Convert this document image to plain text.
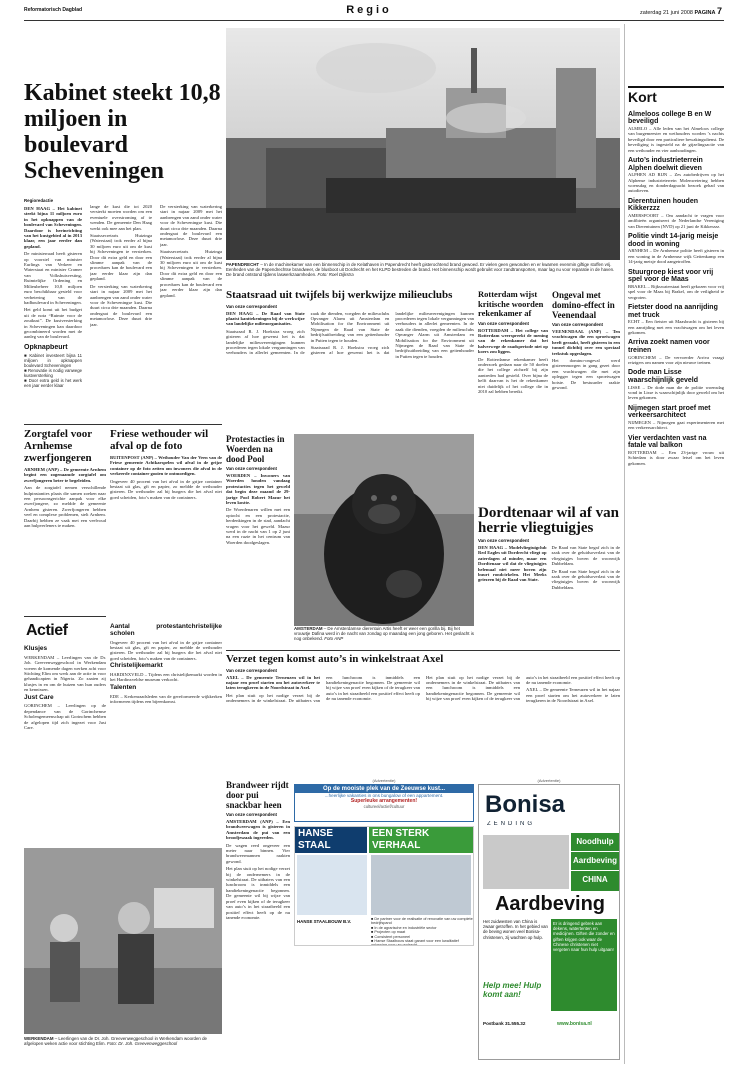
Reformatorisch Dagblad	Regio	zaterdag 21 juni 2008 PAGINA 7
Kabinet steekt 10,8 miljoen in boulevard Scheveningen
Regioredactie

DEN HAAG – Het kabinet steekt bijna 11 miljoen euro in het opknappen van de boulevard van Scheveningen. Daardoor is herinrichting van het kustgebied al in 2013 klaar, een jaar eerder dan gepland.

De ministerraad heeft gisteren op voorstel van minister Eurlings van Verkeer en Waterstaat en minister Cramer van Volkshuisvesting, Ruimtelijke Ordening en Milieubeheer 10,8 miljoen euro beschikbaar gesteld voor verbetering van de badboulevard in Scheveningen.

Het geld komt uit het budget uit de nota “Ruimte voor de zoutkust”. De kustversterking in Scheveningen kan daardoor gecombineerd worden met de aanleg van de boulevard.

Opknapbeurt
■ Kabinet investeert bijna 11 miljoen in opknappen boulevard Scheveningen
■ Renovatie is nodig vanwege kustversterking
■ Door extra geld is het werk een jaar eerder klaar

lange de kust die tot 2020 versterkt moeten worden om een eventuele overstroming af te wenden. De gemeente Den Haag werkt ook mee aan het plan.

Staatssecretaris Huizinga (Waterstaat) trok eerder al bijna 30 miljoen euro uit om de kust bij Scheveningen te versterken. Door dit extra geld en door een slimme aanpak van de procedures kan de boulevard een jaar eerder klaar zijn dan gepland.

De versterking van waterkering start in najaar 2009 met het aanbrengen van zand onder water voor de Scheveningse kust. Die duurt circa drie maanden. Daarna ondergaat de boulevard een metamorfose. Deze duurt drie jaar.

De versterking van waterkering start in najaar 2009 met het aanbrengen van zand onder water voor de Scheveningse kust. Die duurt circa drie maanden. Daarna ondergaat de boulevard een metamorfose. Deze duurt drie jaar.

Staatssecretaris Huizinga (Waterstaat) trok eerder al bijna 30 miljoen euro uit om de kust bij Scheveningen te versterken. Door dit extra geld en door een slimme aanpak van de procedures kan de boulevard een jaar eerder klaar zijn dan gepland.

PAPENDRECHT – In de machinekamer van een binnenschip in de Kelathaven in Papendrecht heeft gisterochtend brand gewoed. Er vielen geen gewonden en er kwamen evenmin giftige stoffen vrij. Eenheden van de Papendrechtse brandweer, de blusboot uit Dordrecht en het KLPD bestreden de brand. Het binnenschip wordt gebruikt voor zandtransporten, maar lag nu voor reparatie in de haven. De brand ontstond tijdens laswerkzaamheden. Foto: Roel Dijkstra
Kort
Almeloos college B en W beveiligd
ALMELO – Alle leden van het Almeloos college van burgemeester en wethouders worden ’s nachts beveiligd door een particuliere bewakingsdienst. De beveiliging is ingesteld na de gijzelingsactie van een wethouder en vier aanhoudingen.
Auto’s industrieterrein Alphen doelwit dieven
ALPHEN AD RIJN – Zes autobedrijven op het Alphense industrieterrein Molenwetering hebben woensdag en donderdagnacht bezoek gehad van autodieven.
Dierentuinen houden Kikkerzzz
AMERSFOORT – Om aandacht te vragen voor amfibieën organiseert de Nederlandse Vereniging van Dierentuinen (NVD) op 21 juni de Kikkerzzz.
Politie vindt 14-jarig meisje dood in woning
ARNHEM – De Arnhemse politie heeft gisteren in een woning in de Arnhemse wijk Geitenkamp een 14-jarig meisje dood aangetroffen.
Stuurgroep kiest voor vrij spel voor de Maas
BRAKEL – Rijkswaterstaat heeft gekozen voor vrij spel voor de Maas bij Brakel, om de veiligheid te vergroten.
Fietster dood na aanrijding met truck
ECHT – Een fietster uit Maasbracht is gisteren bij een aanrijding met een vrachtwagen om het leven gekomen.
Arriva zoekt namen voor treinen
GORINCHEM – De vervoerder Arriva vraagt reizigers om namen voor zijn nieuwe treinen.
Dode man Lisse waarschijnlijk geveld
LISSE – De dode man die de politie woensdag vond in Lisse is waarschijnlijk door geweld om het leven gekomen.
Nijmegen start proef met verkeersarchitect
NIJMEGEN – Nijmegen gaat experimenteren met een verkeersarchitect.
Vier verdachten vast na fatale val balkon
ROTTERDAM – Een 23-jarige vrouw uit Schiedam is door zwaar letsel om het leven gekomen.
Zorgtafel voor Arnhemse zwerfjongeren

ARNHEM (ANP) – De gemeente Arnhem begint een zogenaamde zorgtafel om zwerfjongeren beter te begeleiden.

Aan de zorgtafel nemen verschillende hulpinstanties plaats die samen zoeken naar een persoonsgerichte aanpak voor elke zwerfjongere, zo meldde de gemeente Arnhem gisteren. Zwerfjongeren hebben veel en complexe problemen, stelt Arnhem. Daarbij hebben ze vaak met een veelvoud aan hulpverleners te maken.

Friese wethouder wil afval op de foto

BUITENPOST (ANP) – Wethouder Van der Veen van de Friese gemeente Achtkarspelen wil afval in de grijze container op de foto zetten om inwoners die afval in de verkeerde container gooien te ontmoedigen.

Ongeveer 40 procent van het afval in de grijze container bestaat uit glas, gft en papier, zo meldde de wethouder gisteren. De wethouder zal bij burgers die het afval niet goed scheiden, foto’s maken van de containers.

Actief
Klusjes

WERKENDAM – Leerlingen van de Dr. Joh. Greevenweggeschool in Werkendam voeren de komende dagen werken acht voor Stichting Elim om werk aan de actie in voor gehandicapten in Nigeria. Zo zaaien zij klusjes in en om de huizen van hun ouders en kennissen.

Just Care

GORINCHEM – Leerlingen op de dependance van de Gorinchemse Scholengemeenschap uit Gorinchem hebben de afgelopen tijd zich ingezet voor Just Care.

Aantal protestantchristelijke scholen

Ongeveer 40 procent van het afval in de grijze container bestaat uit glas, gft en papier, zo meldde de wethouder gisteren. De wethouder zal bij burgers die het afval niet goed scheiden, foto’s maken van de containers.

Christelijkemarkt

HARDINXVELD – Tijdens een christelijkemarkt worden in het Hardinxveldse museum verkocht.

Talenten

EDE – Kerkenraadsleden van de gereformeerde wijkkerken informeren tijdens een bijeenkomst.

WERKENDAM – Leerlingen van de Dr. Joh. Greevenweggeschool in Werkendam woorden de afgelopen weken actie voor stichting Elim. Foto: Dr. Joh. Greevenweggeschool
Staatsraad uit twijfels bij werkwijze milieuclubs
Van onze correspondent

DEN HAAG – De Raad van State plaatst kanttekeningen bij de werkwijze van landelijke milieuorganisaties.

Staatsraad R. J. Hoekstra vroeg zich gisteren af hoe gewenst het is dat landelijke milieuverenigingen kunnen procederen tegen lokale vergunningen van veehouders in allerlei gemeenten. In de zaak die dienden, voegden de milieuclubs Opvanger Alarm uit Amsterdam en Mobilisation for the Environment uit Nijmegen de Raad van State de bedrijfsuitbreiding van een geitenhouder in Putten tegen te houden.

Staatsraad R. J. Hoekstra vroeg zich gisteren af hoe gewenst het is dat landelijke milieuverenigingen kunnen procederen tegen lokale vergunningen van veehouders in allerlei gemeenten. In de zaak die dienden, voegden de milieuclubs Opvanger Alarm uit Amsterdam en Mobilisation for the Environment uit Nijmegen de Raad van State de bedrijfsuitbreiding van een geitenhouder in Putten tegen te houden.

Rotterdam wijst kritische woorden rekenkamer af
Van onze correspondent

ROTTERDAM – Het college van Rotterdam weerspreekt de mening van de rekenkamer dat het halverwege de raadsperiode niet op koers zou liggen.

De Rotterdamse rekenkamer heeft onderzoek gedaan naar de 50 doelen die het college zichzelf bij zijn aantreden had gesteld. Over bijna de helft daarvan is het de rekenkamer niet duidelijk of het college die in 2010 zal hebben bereikt.

Ongeval met domino-effect in Veenendaal
Van onze correspondent

VEENENDAAL (ANP) – Ten vrachtwagen die een sproeiwagen heeft geraakt, heeft gisteren in een tunnel dichtbij over een speciaal trekstuk opgeslagen.

Het domino-ongeval werd gisterenmorgen in gang gezet door een vrachtwagen die met zijn oplegger tegen een sproeiwagen botste. De bestuurder raakte gewond.

Protestacties in Woerden na dood Pool
Van onze correspondent

WOERDEN – Inwoners van Woerden houden vandaag protestacties tegen het geweld dat begin deze maand de 29-jarige Pool Robert Mazur het leven kostte.

De Woerdenaren willen met een optocht en een protestactie, herdenkingen in de stad, aandacht vragen voor het geweld. Mazur werd in de nacht van 1 op 2 juni na een ruzie in het centrum van Woerden doodgeslagen.

AMSTERDAM – De Amsterdamse dierentuin Artis heeft er weer een gorilla bij. Bij het vrouwtje Dafina werd in de nacht van zondag op maandag een jong geboren. Het geslacht is nog onbekend. Foto ANP
Dordtenaar wil af van herrie vliegtuigjes
Van onze correspondent

DEN HAAG – Modelvliegtuigclub Red Eagles uit Dordrecht vliegt op zaterdagen al minder, maar een Dordtenaar wil dat de vliegtuigjes helemaal niet meer boven zijn buurt rondcirkelen. Het Meeks griezeen bij de Raad van State.

De Raad van State begaf zich in de zaak over de geluidsoverlast van de vliegtuigjes boven de woonwijk Dubbeldam.

De Raad van State begaf zich in de zaak over de geluidsoverlast van de vliegtuigjes boven de woonwijk Dubbeldam.

Verzet tegen komst auto’s in winkelstraat Axel
Van onze correspondent

AXEL – De gemeente Terneuzen wil in het najaar een proef starten om het autoverkeer te laten terugkeren in de Noordstraat in Axel.

Het plan stuit op het nodige verzet bij de ondernemers in de winkelstraat. De uitbaters van een lunchroom is inmiddels een handtekeningenactie begonnen. De gemeente wil bij wijze van proef even kijken of de terugkeer van auto’s in het straatbeeld een positief effect heeft op de nu tanende economie.

Het plan stuit op het nodige verzet bij de ondernemers in de winkelstraat. De uitbaters van een lunchroom is inmiddels een handtekeningenactie begonnen. De gemeente wil bij wijze van proef even kijken of de terugkeer van auto’s in het straatbeeld een positief effect heeft op de nu tanende economie.

AXEL – De gemeente Terneuzen wil in het najaar een proef starten om het autoverkeer te laten terugkeren in de Noordstraat in Axel.

Brandweer rijdt door pui snackbar heen
Van onze correspondent

AMSTERDAM (ANP) – Een brandweerwagen is gisteren in Amsterdam de pui van een broodjeszaak ingereden.

De wagen reed ongeveer een meter naar binnen. Vier brandweermannen raakten gewond.

Het plan stuit op het nodige verzet bij de ondernemers in de winkelstraat. De uitbaters van een lunchroom is inmiddels een handtekeningenactie begonnen. De gemeente wil bij wijze van proef even kijken of de terugkeer van auto’s in het straatbeeld een positief effect heeft op de nu tanende economie.

(Advertentie)
Op de mooiste plek van de Zeeuwse kust...
...heerlijke vakanties in ons bungalow of een appartement.
Superleuke arrangementen!
cultureel/actief/cultuur
HANSE
STAAL
EEN STERK
VERHAAL
HANSE STAALBOUW B.V.	■ De partner voor de realisatie of renovatie van uw complete bedrijfspand
■ In de agrarische en industriële sector
■ Projecten op maat
■ Consistent personeel
■ Hanse Staalbouw staat garant voor een kwalitatief oplossing voor uw opdracht
(Advertentie)
Bonisa
ZENDING
Noodhulp
Aardbeving
CHINA
Aardbeving
Het zuidwesten van China is zwaar getroffen. In het gebied van de beving wonen veel Bonisa-christenen, zij wachten op hulp.
Er is dringend gebrek aan dekens, watertenten en medicijnen. Giften die zonder en giften krijgen ook waar de Chinese christenen niet vergeten naar hun hulp uitgaan!
Help mee! Hulp komt aan!
Postbank 31.555.32	www.bonisa.nl
